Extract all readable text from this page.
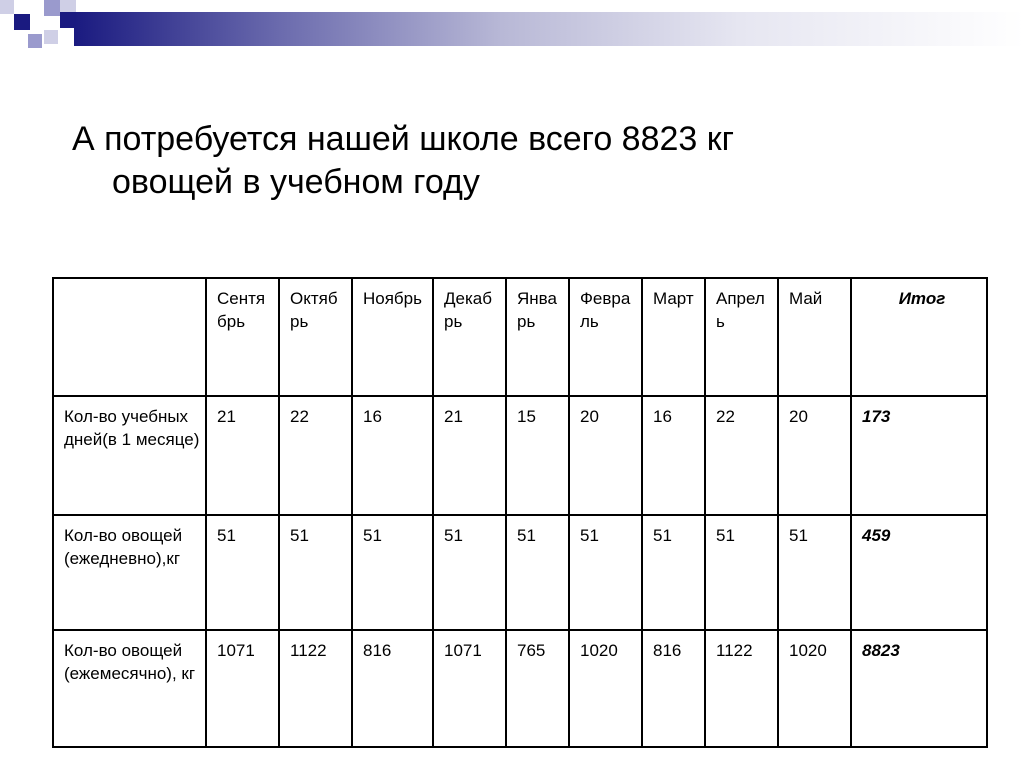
А потребуется нашей школе всего 8823 кг
овощей в учебном году
	Сентябрь	Октябрь	Ноябрь	Декабрь	Январь	Февраль	Март	Апрель	Май	Итог
Кол-во учебных дней(в 1 месяце)	21	22	16	21	15	20	16	22	20	173
Кол-во овощей (ежедневно),кг	51	51	51	51	51	51	51	51	51	459
Кол-во овощей (ежемесячно), кг	1071	1122	816	1071	765	1020	816	1122	1020	8823
